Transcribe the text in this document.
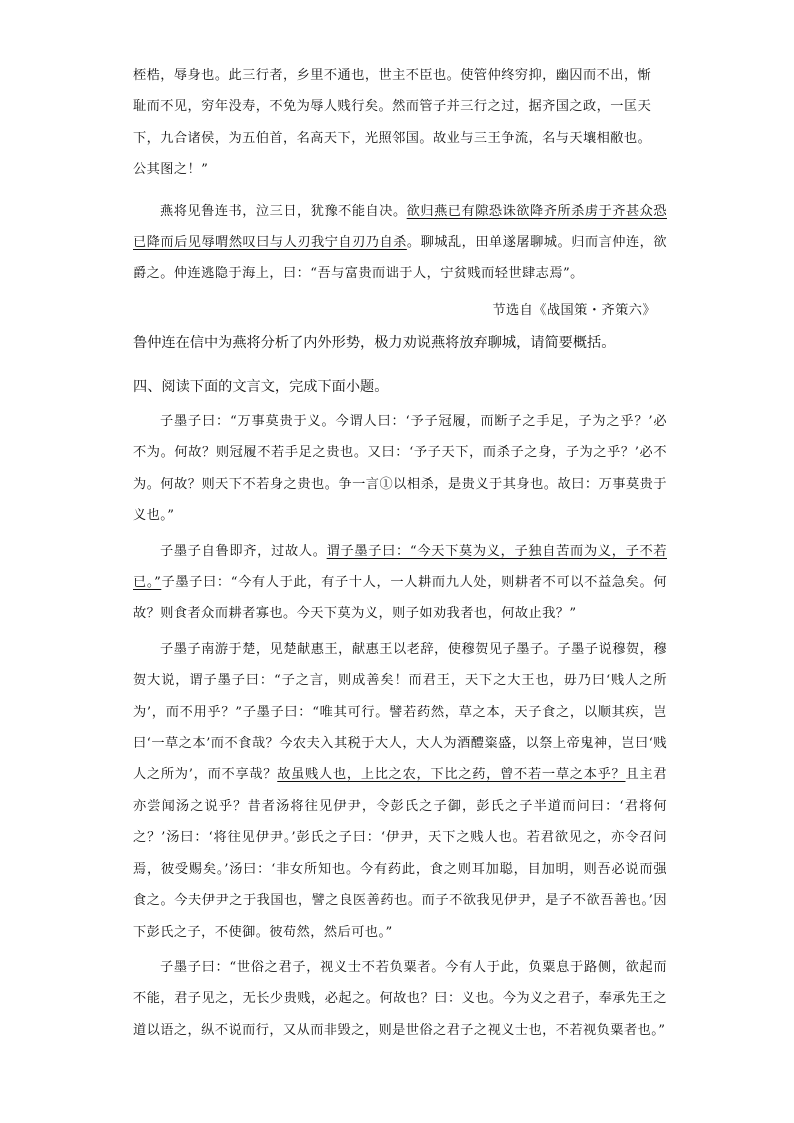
桎梏，辱身也。此三行者，乡里不通也，世主不臣也。使管仲终穷抑，幽囚而不出，惭
耻而不见，穷年没寿，不免为辱人贱行矣。然而管子并三行之过，据齐国之政，一匡天
下，九合诸侯，为五伯首，名高天下，光照邻国。故业与三王争流，名与天壤相敝也。
公其图之！”

燕将见鲁连书，泣三日，犹豫不能自决。欲归燕已有隙恐诛欲降齐所杀虏于齐甚众恐已降而后见辱喟然叹曰与人刃我宁自刃乃自杀。聊城乱，田单遂屠聊城。归而言仲连，欲爵之。仲连逃隐于海上，曰：“吾与富贵而诎于人，宁贫贱而轻世肆志焉”。

节选自《战国策・齐策六》

鲁仲连在信中为燕将分析了内外形势，极力劝说燕将放弃聊城，请简要概括。

四、阅读下面的文言文，完成下面小题。

子墨子曰：“万事莫贵于义。今谓人曰：‘予子冠履，而断子之手足，子为之乎？’必不为。何故？则冠履不若手足之贵也。又曰：‘予子天下，而杀子之身，子为之乎？’必不为。何故？则天下不若身之贵也。争一言①以相杀，是贵义于其身也。故曰：万事莫贵于义也。”

子墨子自鲁即齐，过故人。谓子墨子曰：“今天下莫为义，子独自苦而为义，子不若已。”子墨子曰：“今有人于此，有子十人，一人耕而九人处，则耕者不可以不益急矣。何故？则食者众而耕者寡也。今天下莫为义，则子如劝我者也，何故止我？”

子墨子南游于楚，见楚献惠王，献惠王以老辞，使穆贺见子墨子。子墨子说穆贺，穆贺大说，谓子墨子曰：“子之言，则成善矣！而君王，天下之大王也，毋乃曰‘贱人之所为’，而不用乎？”子墨子曰：“唯其可行。譬若药然，草之本，天子食之，以顺其疾，岂曰‘一草之本’而不食哉？今农夫入其税于大人，大人为酒醴粢盛，以祭上帝鬼神，岂曰‘贱人之所为’，而不享哉？故虽贱人也，上比之农，下比之药，曾不若一草之本乎？且主君亦尝闻汤之说乎？昔者汤将往见伊尹，令彭氏之子御，彭氏之子半道而问曰：‘君将何之？’汤曰：‘将往见伊尹。’彭氏之子曰：‘伊尹，天下之贱人也。若君欲见之，亦令召问焉，彼受赐矣。’汤曰：‘非女所知也。今有药此，食之则耳加聪，目加明，则吾必说而强食之。今夫伊尹之于我国也，譬之良医善药也。而子不欲我见伊尹，是子不欲吾善也。’因下彭氏之子，不使御。彼苟然，然后可也。”

子墨子曰：“世俗之君子，视义士不若负粟者。今有人于此，负粟息于路侧，欲起而不能，君子见之，无长少贵贱，必起之。何故也？曰：义也。今为义之君子，奉承先王之道以语之，纵不说而行，又从而非毁之，则是世俗之君子之视义士也，不若视负粟者也。”
